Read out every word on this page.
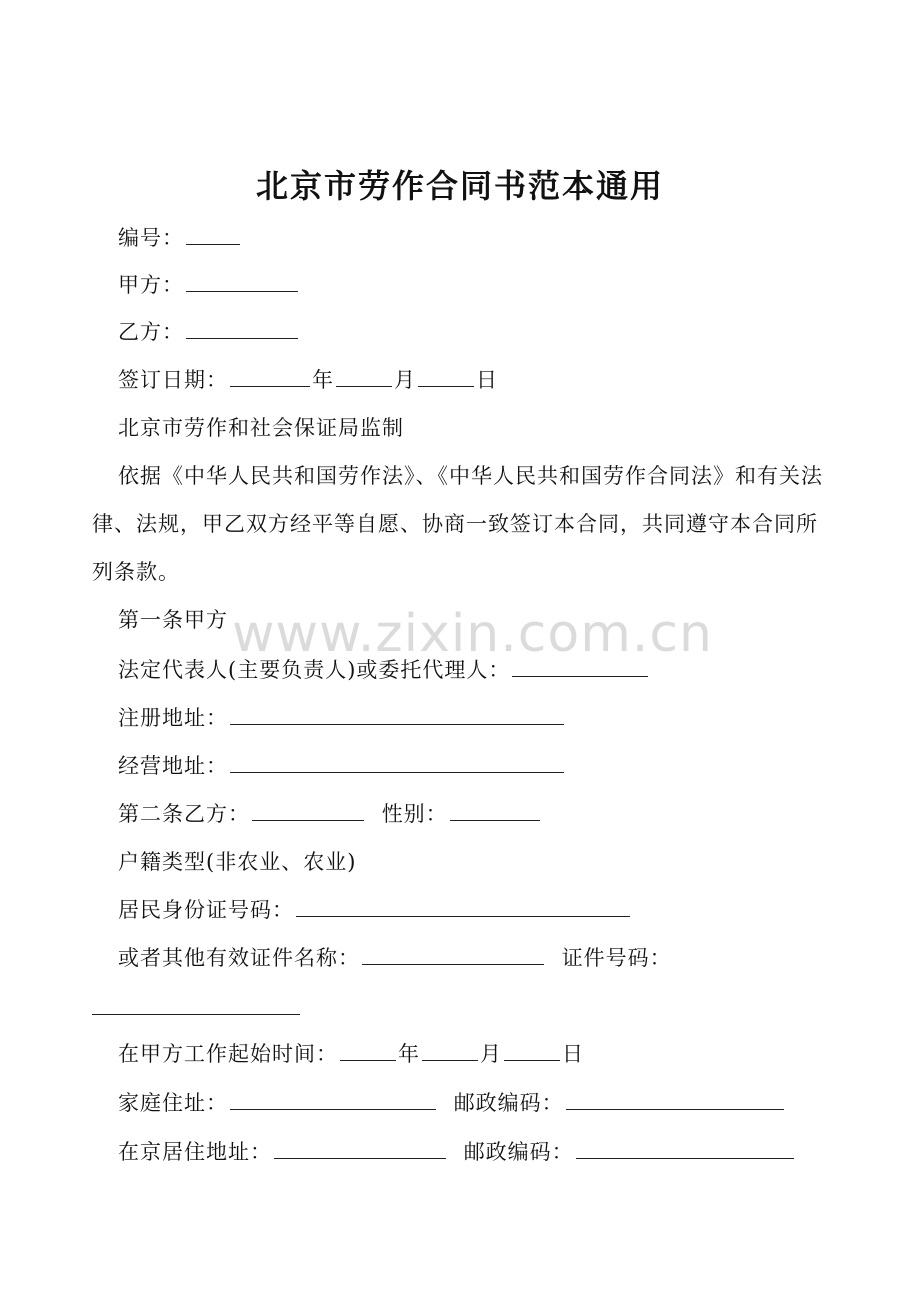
北京市劳作合同书范本通用
编号：
甲方：
乙方：
签订日期：	年	月	日
北京市劳作和社会保证局监制
依据《中华人民共和国劳作法》、《中华人民共和国劳作合同法》和有关法律、法规，甲乙双方经平等自愿、协商一致签订本合同，共同遵守本合同所列条款。
第一条甲方 www.zixin.com.cn
法定代表人(主要负责人)或委托代理人：
注册地址：
经营地址：
第二条乙方：	性别：
户籍类型(非农业、农业)
居民身份证号码：
或者其他有效证件名称：	证件号码：
在甲方工作起始时间：	年	月	日
家庭住址：	邮政编码：
在京居住地址：	邮政编码：
